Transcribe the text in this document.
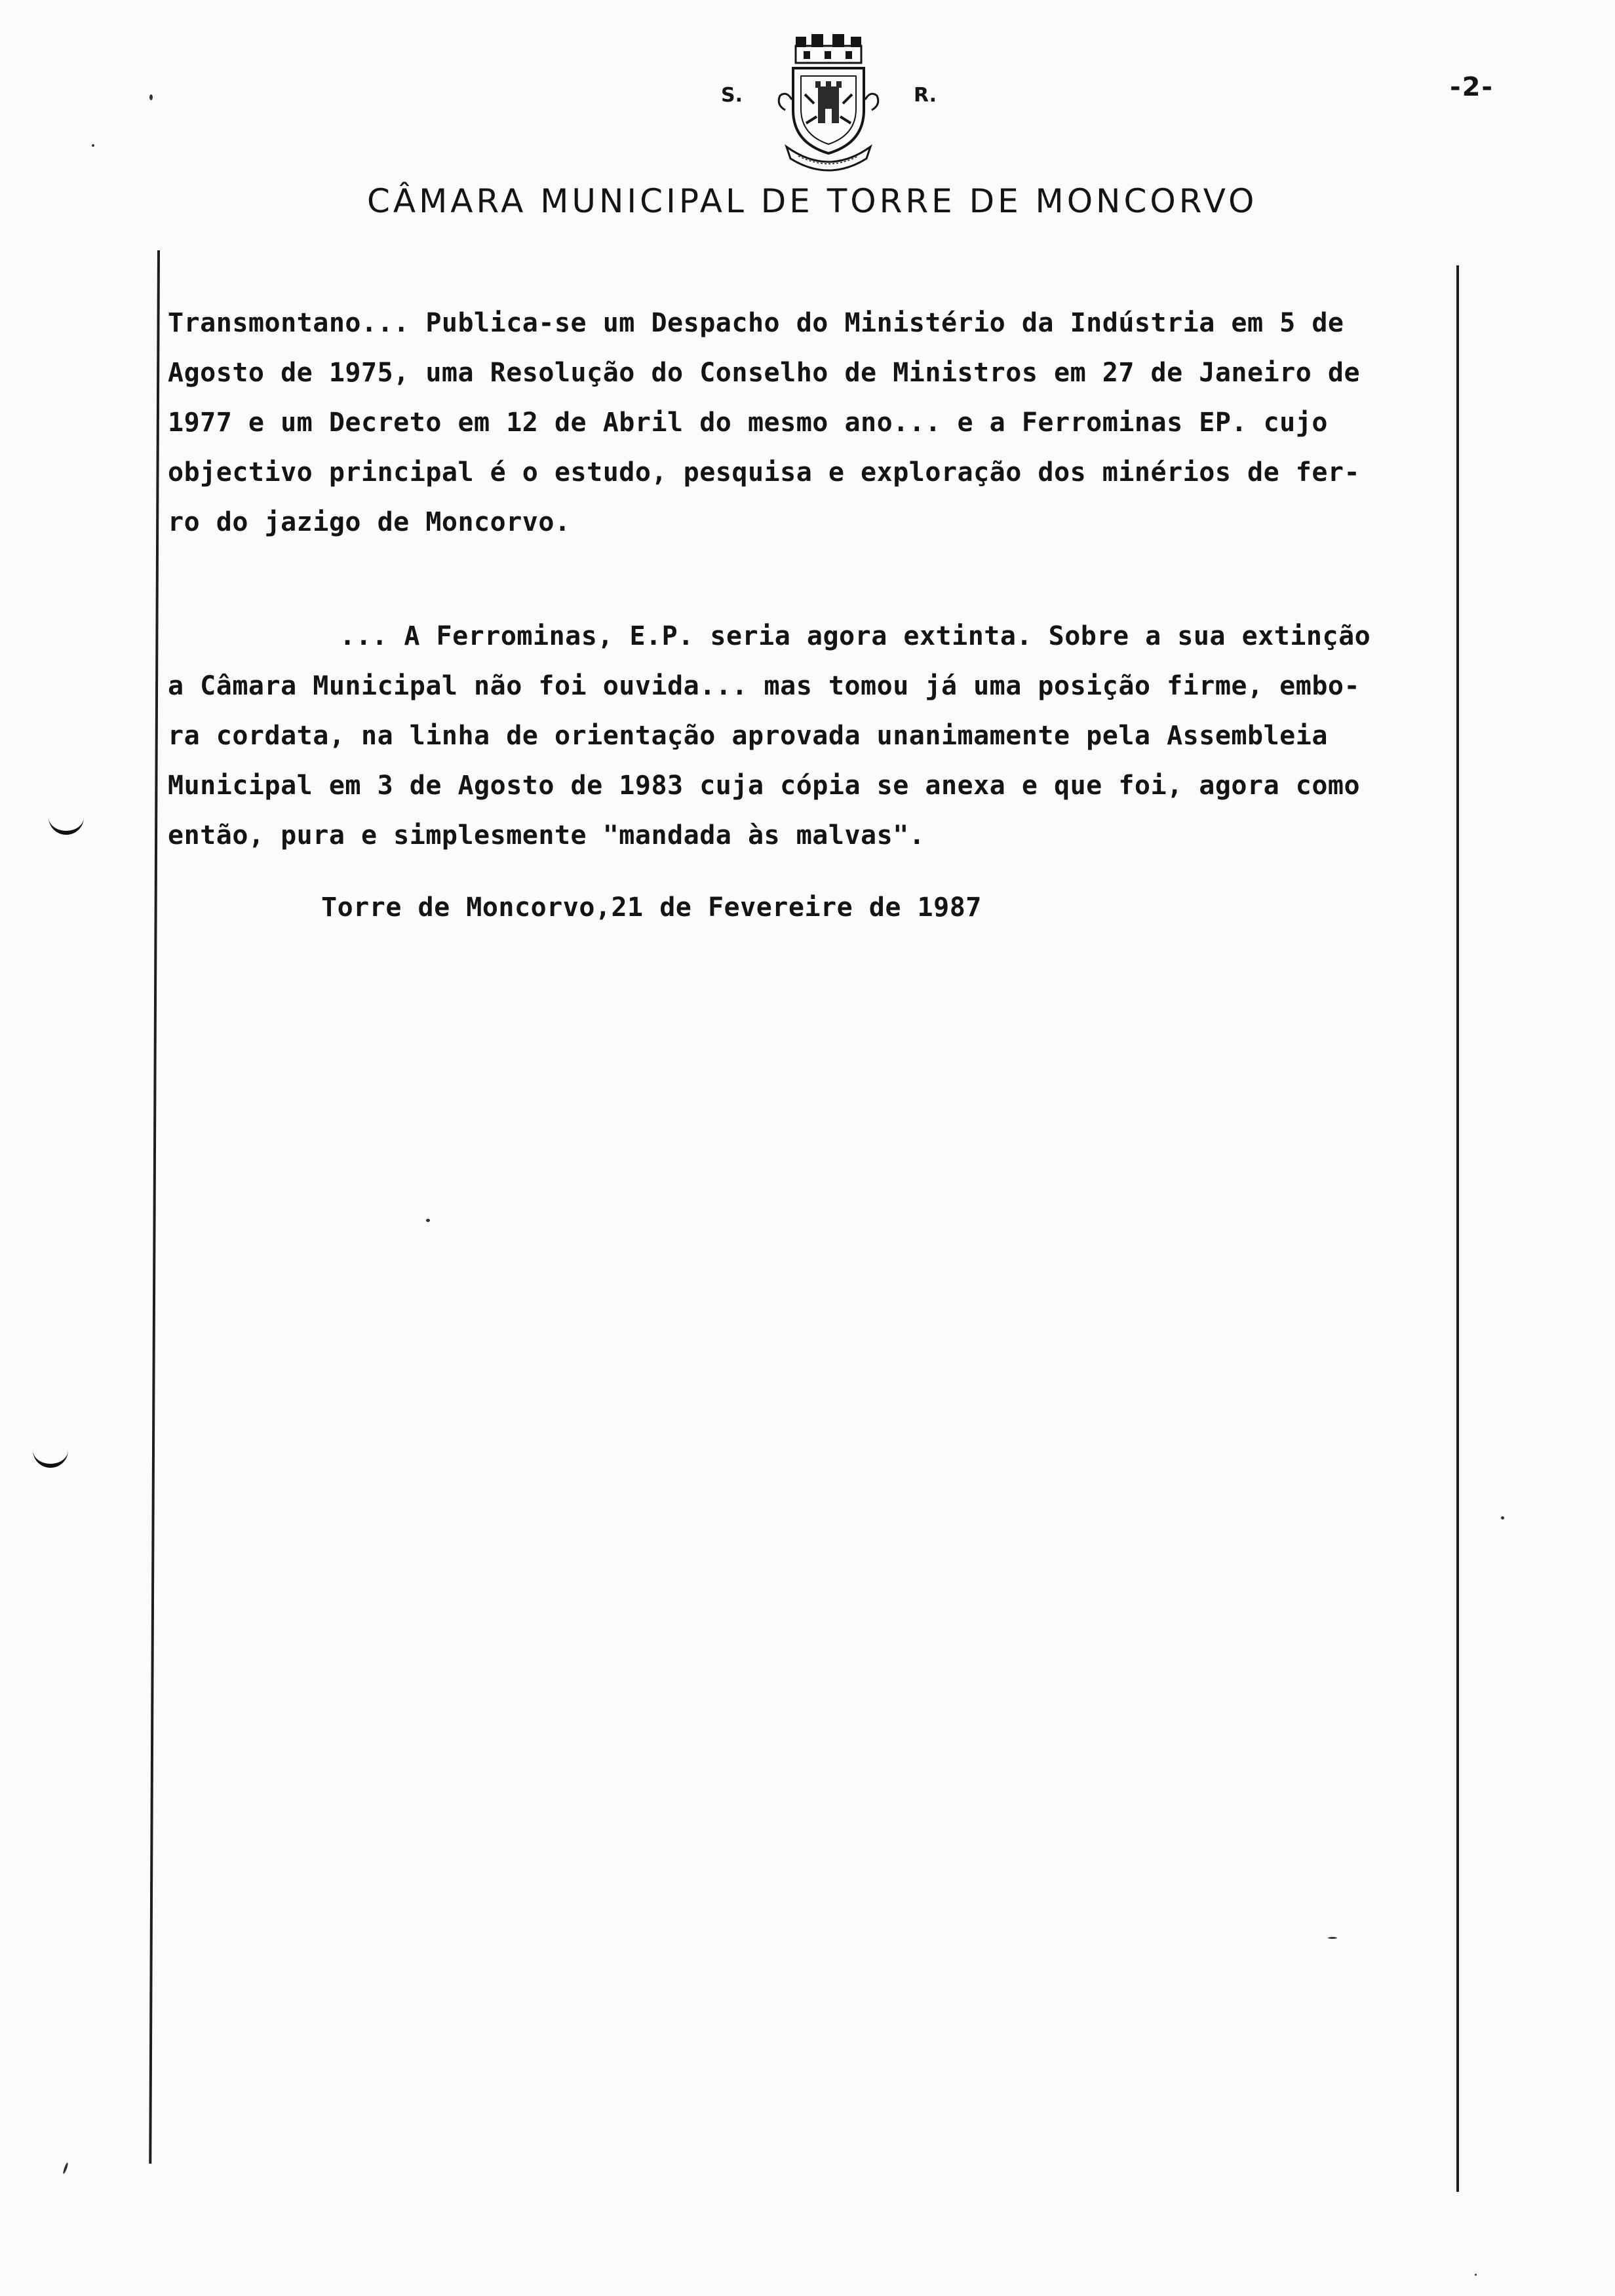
S.	R.	-2-
CÂMARA MUNICIPAL DE TORRE DE MONCORVO
Transmontano... Publica-se um Despacho do Ministério da Indústria em 5 de
Agosto de 1975, uma Resolução do Conselho de Ministros em 27 de Janeiro de
1977 e um Decreto em 12 de Abril do mesmo ano... e a Ferrominas EP. cujo
objectivo principal é o estudo, pesquisa e exploração dos minérios de fer-
ro do jazigo de Moncorvo.
... A Ferrominas, E.P. seria agora extinta. Sobre a sua extinção
a Câmara Municipal não foi ouvida... mas tomou já uma posição firme, embo-
ra cordata, na linha de orientação aprovada unanimamente pela Assembleia
Municipal em 3 de Agosto de 1983 cuja cópia se anexa e que foi, agora como
então, pura e simplesmente "mandada às malvas".
Torre de Moncorvo,21 de Fevereire de 1987
